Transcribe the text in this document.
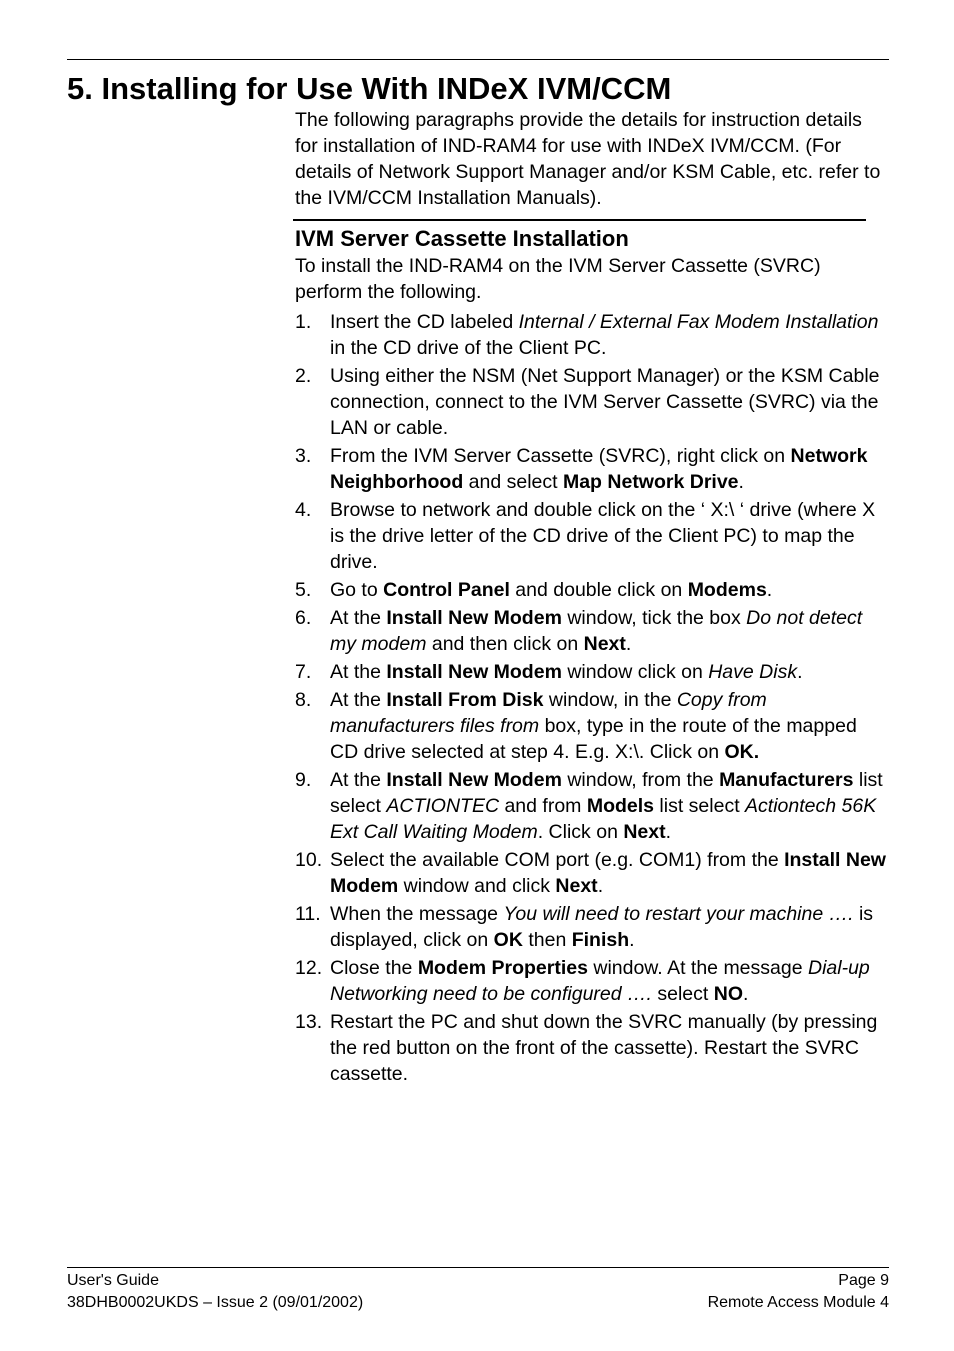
5. Installing for Use With INDeX IVM/CCM

The following paragraphs provide the details for instruction details for installation of IND-RAM4 for use with INDeX IVM/CCM. (For details of Network Support Manager and/or KSM Cable, etc. refer to the IVM/CCM Installation Manuals).

IVM Server Cassette Installation

To install the IND-RAM4 on the IVM Server Cassette (SVRC) perform the following.

1. Insert the CD labeled Internal / External Fax Modem Installation in the CD drive of the Client PC.
2. Using either the NSM (Net Support Manager) or the KSM Cable connection, connect to the IVM Server Cassette (SVRC) via the LAN or cable.
3. From the IVM Server Cassette (SVRC), right click on Network Neighborhood and select Map Network Drive.
4. Browse to network and double click on the ‘ X:\ ‘ drive (where X is the drive letter of the CD drive of the Client PC) to map the drive.
5. Go to Control Panel and double click on Modems.
6. At the Install New Modem window, tick the box Do not detect my modem and then click on Next.
7. At the Install New Modem window click on Have Disk.
8. At the Install From Disk window, in the Copy from manufacturers files from box, type in the route of the mapped CD drive selected at step 4. E.g. X:\. Click on OK.
9. At the Install New Modem window, from the Manufacturers list select ACTIONTEC and from Models list select Actiontech 56K Ext Call Waiting Modem. Click on Next.
10. Select the available COM port (e.g. COM1) from the Install New Modem window and click Next.
11. When the message You will need to restart your machine …. is displayed, click on OK then Finish.
12. Close the Modem Properties window. At the message Dial-up Networking need to be configured …. select NO.
13. Restart the PC and shut down the SVRC manually (by pressing the red button on the front of the cassette). Restart the SVRC cassette.
User's Guide
38DHB0002UKDS – Issue 2 (09/01/2002)
Page 9
Remote Access Module 4
